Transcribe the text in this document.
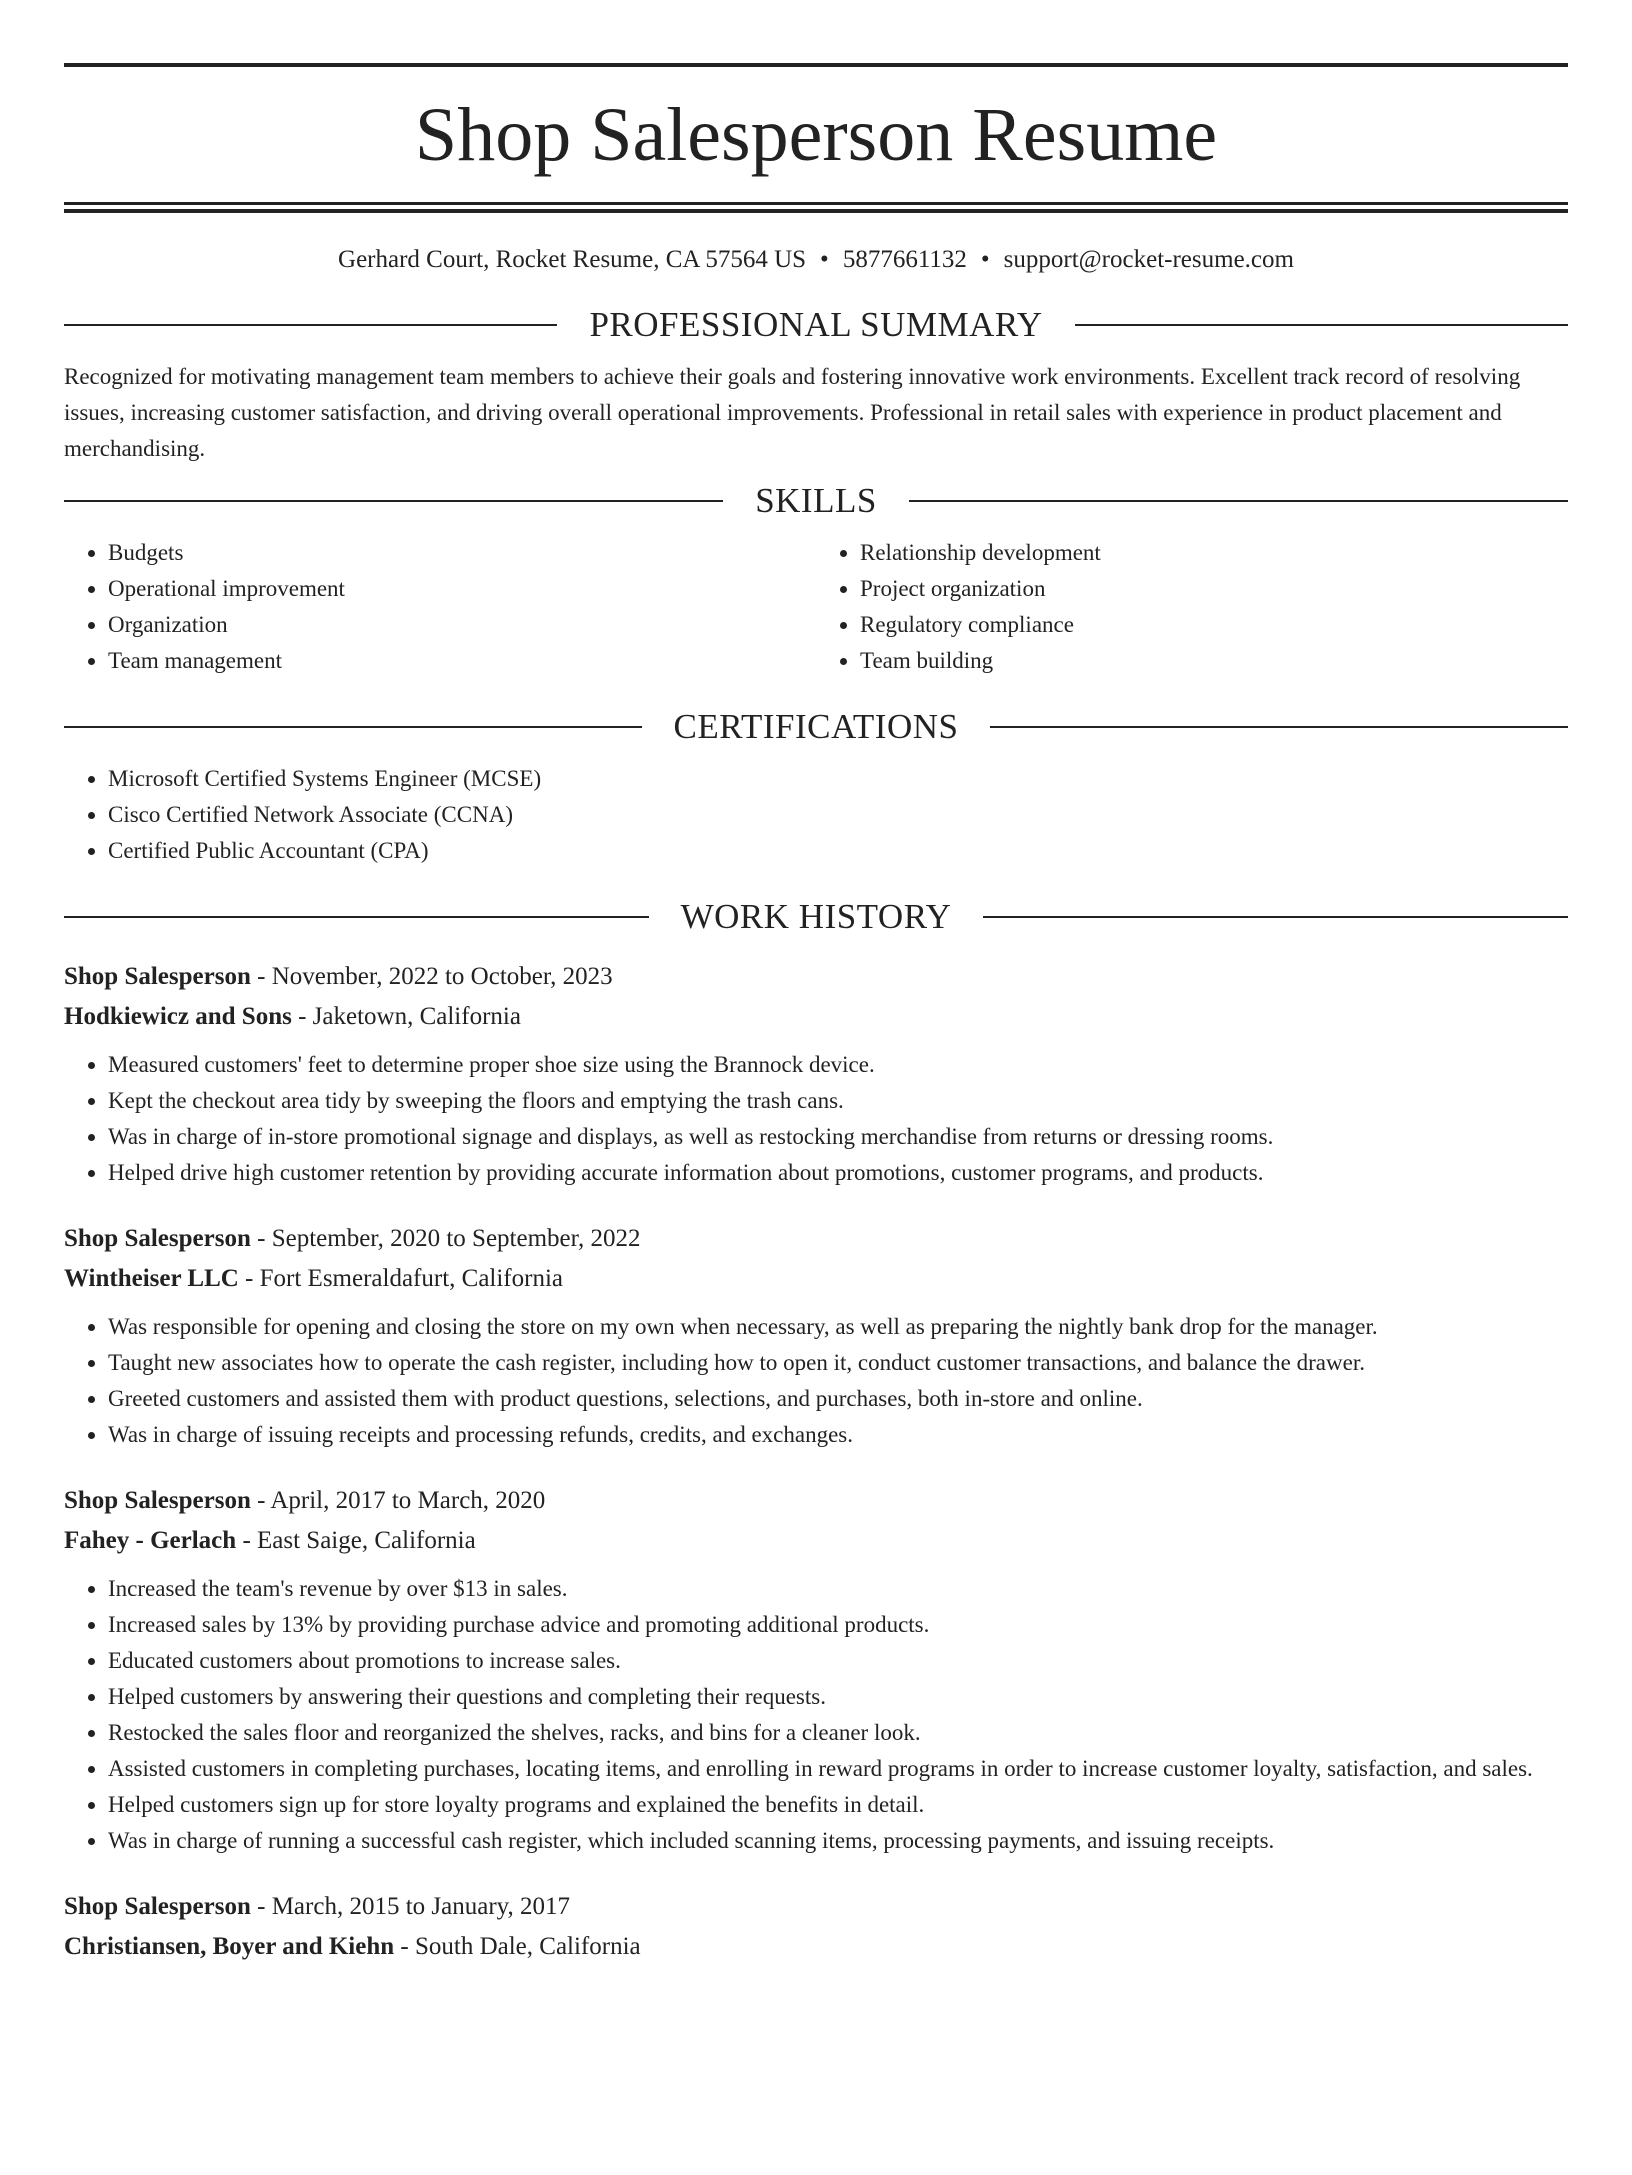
Shop Salesperson Resume
Gerhard Court, Rocket Resume, CA 57564 US • 5877661132 • support@rocket-resume.com
PROFESSIONAL SUMMARY

Recognized for motivating management team members to achieve their goals and fostering innovative work environments. Excellent track record of resolving issues, increasing customer satisfaction, and driving overall operational improvements. Professional in retail sales with experience in product placement and merchandising.

SKILLS
• Budgets
• Operational improvement
• Organization
• Team management
• Relationship development
• Project organization
• Regulatory compliance
• Team building
CERTIFICATIONS
• Microsoft Certified Systems Engineer (MCSE)
• Cisco Certified Network Associate (CCNA)
• Certified Public Accountant (CPA)
WORK HISTORY
Shop Salesperson - November, 2022 to October, 2023
Hodkiewicz and Sons - Jaketown, California
• Measured customers' feet to determine proper shoe size using the Brannock device.
• Kept the checkout area tidy by sweeping the floors and emptying the trash cans.
• Was in charge of in-store promotional signage and displays, as well as restocking merchandise from returns or dressing rooms.
• Helped drive high customer retention by providing accurate information about promotions, customer programs, and products.
Shop Salesperson - September, 2020 to September, 2022
Wintheiser LLC - Fort Esmeraldafurt, California
• Was responsible for opening and closing the store on my own when necessary, as well as preparing the nightly bank drop for the manager.
• Taught new associates how to operate the cash register, including how to open it, conduct customer transactions, and balance the drawer.
• Greeted customers and assisted them with product questions, selections, and purchases, both in-store and online.
• Was in charge of issuing receipts and processing refunds, credits, and exchanges.
Shop Salesperson - April, 2017 to March, 2020
Fahey - Gerlach - East Saige, California
• Increased the team's revenue by over $13 in sales.
• Increased sales by 13% by providing purchase advice and promoting additional products.
• Educated customers about promotions to increase sales.
• Helped customers by answering their questions and completing their requests.
• Restocked the sales floor and reorganized the shelves, racks, and bins for a cleaner look.
• Assisted customers in completing purchases, locating items, and enrolling in reward programs in order to increase customer loyalty, satisfaction, and sales.
• Helped customers sign up for store loyalty programs and explained the benefits in detail.
• Was in charge of running a successful cash register, which included scanning items, processing payments, and issuing receipts.
Shop Salesperson - March, 2015 to January, 2017
Christiansen, Boyer and Kiehn - South Dale, California
